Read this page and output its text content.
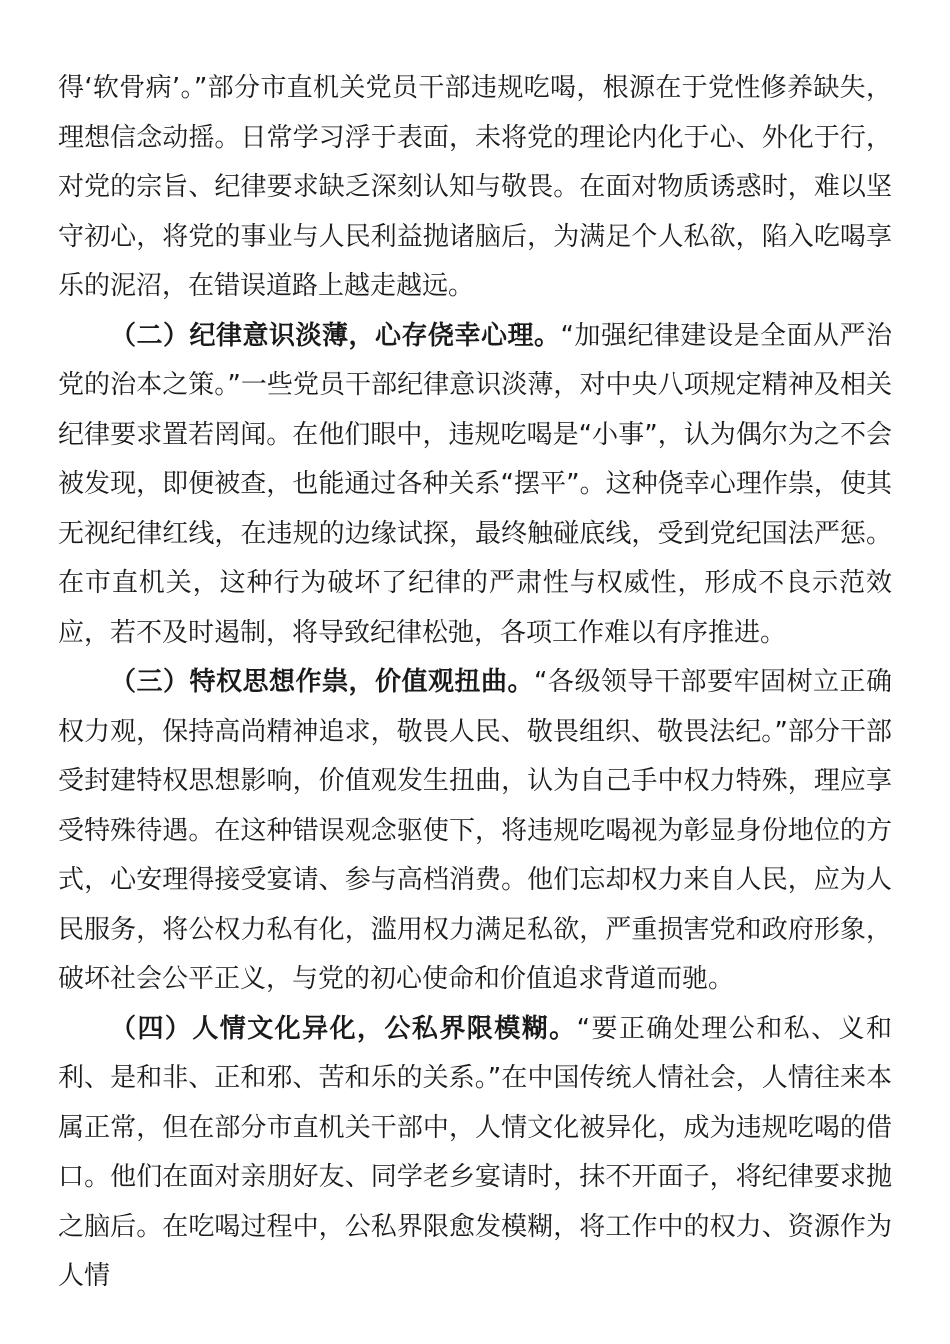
得‘软骨病’。”部分市直机关党员干部违规吃喝，根源在于党性修养缺失，理想信念动摇。日常学习浮于表面，未将党的理论内化于心、外化于行，对党的宗旨、纪律要求缺乏深刻认知与敬畏。在面对物质诱惑时，难以坚守初心，将党的事业与人民利益抛诸脑后，为满足个人私欲，陷入吃喝享乐的泥沼，在错误道路上越走越远。

（二）纪律意识淡薄，心存侥幸心理。“加强纪律建设是全面从严治党的治本之策。”一些党员干部纪律意识淡薄，对中央八项规定精神及相关纪律要求置若罔闻。在他们眼中，违规吃喝是“小事”，认为偶尔为之不会被发现，即便被查，也能通过各种关系“摆平”。这种侥幸心理作祟，使其无视纪律红线，在违规的边缘试探，最终触碰底线，受到党纪国法严惩。在市直机关，这种行为破坏了纪律的严肃性与权威性，形成不良示范效应，若不及时遏制，将导致纪律松弛，各项工作难以有序推进。

（三）特权思想作祟，价值观扭曲。“各级领导干部要牢固树立正确权力观，保持高尚精神追求，敬畏人民、敬畏组织、敬畏法纪。”部分干部受封建特权思想影响，价值观发生扭曲，认为自己手中权力特殊，理应享受特殊待遇。在这种错误观念驱使下，将违规吃喝视为彰显身份地位的方式，心安理得接受宴请、参与高档消费。他们忘却权力来自人民，应为人民服务，将公权力私有化，滥用权力满足私欲，严重损害党和政府形象，破坏社会公平正义，与党的初心使命和价值追求背道而驰。

（四）人情文化异化，公私界限模糊。“要正确处理公和私、义和利、是和非、正和邪、苦和乐的关系。”在中国传统人情社会，人情往来本属正常，但在部分市直机关干部中，人情文化被异化，成为违规吃喝的借口。他们在面对亲朋好友、同学老乡宴请时，抹不开面子，将纪律要求抛之脑后。在吃喝过程中，公私界限愈发模糊，将工作中的权力、资源作为人情
